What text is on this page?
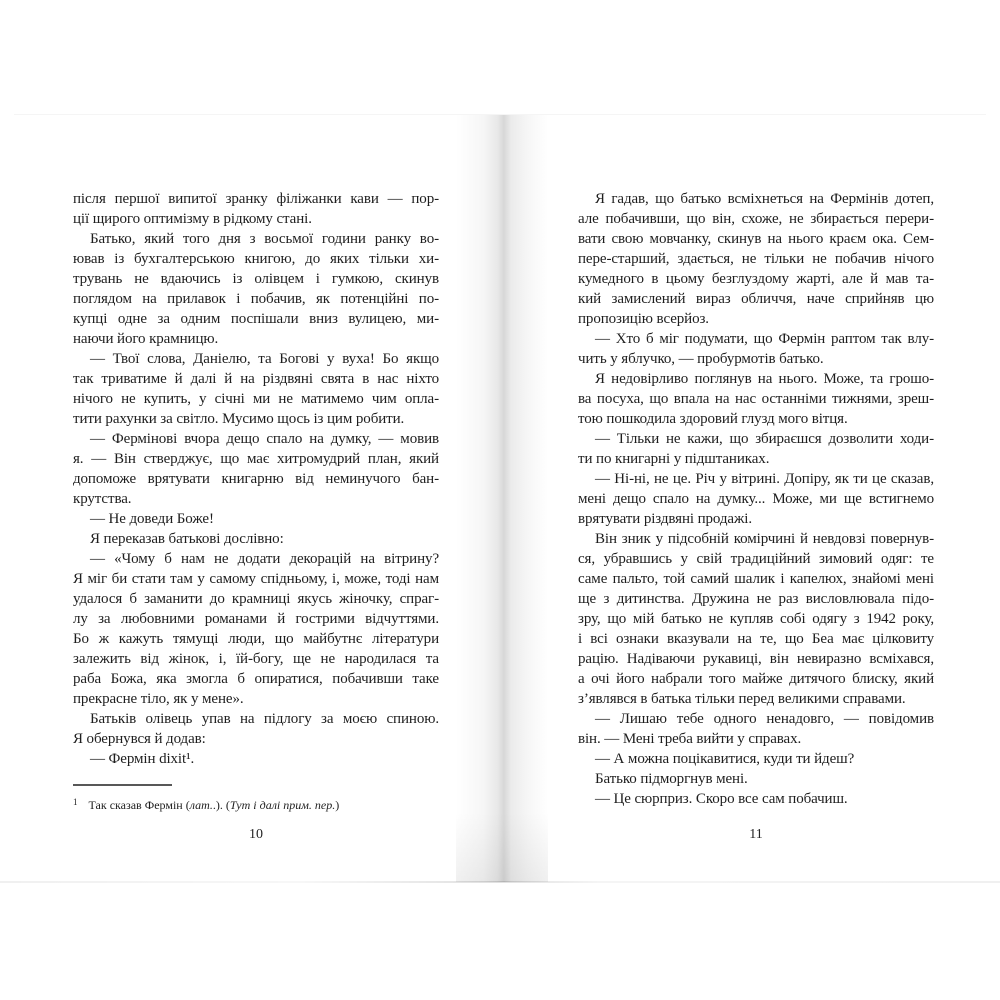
після першої випитої зранку філіжанки кави — пор-
ції щирого оптимізму в рідкому стані.
Батько, який того дня з восьмої години ранку во-
ював із бухгалтерською книгою, до яких тільки хи-
трувань не вдаючись із олівцем і гумкою, скинув
поглядом на прилавок і побачив, як потенційні по-
купці одне за одним поспішали вниз вулицею, ми-
наючи його крамницю.
— Твої слова, Даніелю, та Богові у вуха! Бо якщо
так триватиме й далі й на різдвяні свята в нас ніхто
нічого не купить, у січні ми не матимемо чим опла-
тити рахунки за світло. Мусимо щось із цим робити.
— Фермінові вчора дещо спало на думку, — мовив
я. — Він стверджує, що має хитромудрий план, який
допоможе врятувати книгарню від неминучого бан-
крутства.
— Не доведи Боже!
Я переказав батькові дослівно:
— «Чому б нам не додати декорацій на вітрину?
Я міг би стати там у самому спідньому, і, може, тоді нам
удалося б заманити до крамниці якусь жіночку, спраг-
лу за любовними романами й гострими відчуттями.
Бо ж кажуть тямущі люди, що майбутнє літератури
залежить від жінок, і, їй-богу, ще не народилася та
раба Божа, яка змогла б опиратися, побачивши таке
прекрасне тіло, як у мене».
Батьків олівець упав на підлогу за моєю спиною.
Я обернувся й додав:
— Фермін dixit¹.
$^1$ Так сказав Фермін (лат..). (Тут і далі прим. пер.)
10
Я гадав, що батько всміхнеться на Фермінів дотеп,
але побачивши, що він, схоже, не збирається перери-
вати свою мовчанку, скинув на нього краєм ока. Сем-
пере-старший, здається, не тільки не побачив нічого
кумедного в цьому безглуздому жарті, але й мав та-
кий замислений вираз обличчя, наче сприйняв цю
пропозицію всерйоз.
— Хто б міг подумати, що Фермін раптом так влу-
чить у яблучко, — пробурмотів батько.
Я недовірливо поглянув на нього. Може, та грошо-
ва посуха, що впала на нас останніми тижнями, зреш-
тою пошкодила здоровий глузд мого вітця.
— Тільки не кажи, що збираєшся дозволити ходи-
ти по книгарні у підштаниках.
— Ні-ні, не це. Річ у вітрині. Допіру, як ти це сказав,
мені дещо спало на думку... Може, ми ще встигнемо
врятувати різдвяні продажі.
Він зник у підсобній комірчині й невдовзі повернув-
ся, убравшись у свій традиційний зимовий одяг: те
саме пальто, той самий шалик і капелюх, знайомі мені
ще з дитинства. Дружина не раз висловлювала підо-
зру, що мій батько не купляв собі одягу з 1942 року,
і всі ознаки вказували на те, що Беа має цілковиту
рацію. Надіваючи рукавиці, він невиразно всміхався,
а очі його набрали того майже дитячого блиску, який
з’являвся в батька тільки перед великими справами.
— Лишаю тебе одного ненадовго, — повідомив
він. — Мені треба вийти у справах.
— А можна поцікавитися, куди ти йдеш?
Батько підморгнув мені.
— Це сюрприз. Скоро все сам побачиш.
11
